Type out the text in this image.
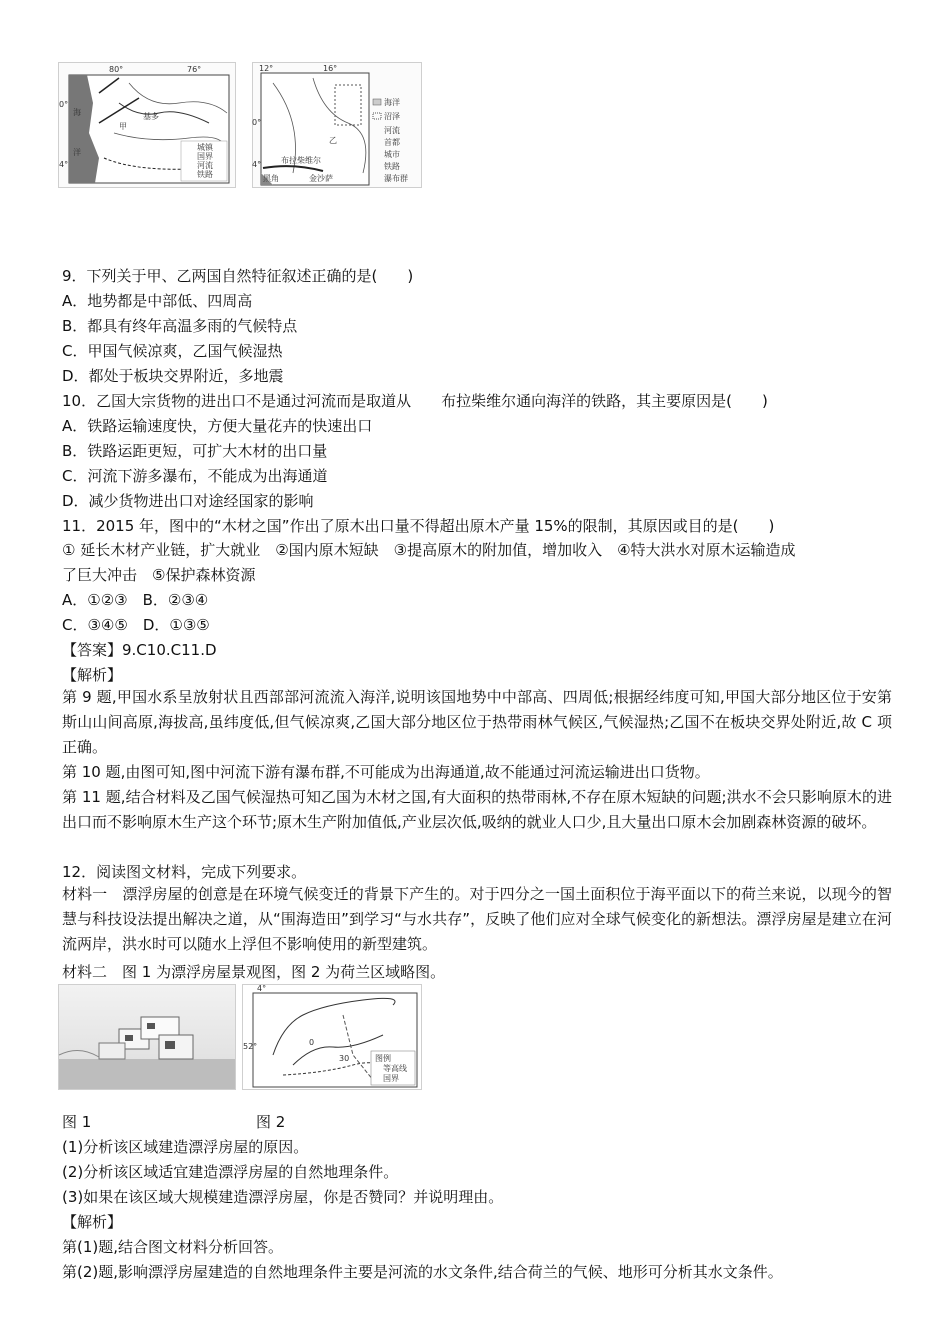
80°	76°
0°
4°
海
洋
甲
基多
城镇
国界
河流
铁路
12°	16°
0°
4°
乙
布拉柴维尔
金沙萨
黑角
海洋
沼泽
河流
首都
城市
铁路
瀑布群
9．下列关于甲、乙两国自然特征叙述正确的是(　　)
A．地势都是中部低、四周高
B．都具有终年高温多雨的气候特点
C．甲国气候凉爽，乙国气候湿热
D．都处于板块交界附近，多地震
10．乙国大宗货物的进出口不是通过河流而是取道从　　布拉柴维尔通向海洋的铁路，其主要原因是(　　)
A．铁路运输速度快，方便大量花卉的快速出口
B．铁路运距更短，可扩大木材的出口量
C．河流下游多瀑布，不能成为出海通道
D．减少货物进出口对途经国家的影响
11．2015 年，图中的“木材之国”作出了原木出口量不得超出原木产量 15%的限制，其原因或目的是(　　)
① 延长木材产业链，扩大就业　②国内原木短缺　③提高原木的附加值，增加收入　④特大洪水对原木运输造成
了巨大冲击　⑤保护森林资源
A．①②③　B．②③④
C．③④⑤　D．①③⑤
【答案】9.C10.C11.D
【解析】
第 9 题,甲国水系呈放射状且西部部河流流入海洋,说明该国地势中中部高、四周低;根据经纬度可知,甲国大部分地区位于安第斯山山间高原,海拔高,虽纬度低,但气候凉爽,乙国大部分地区位于热带雨林气候区,气候湿热;乙国不在板块交界处附近,故 C 项正确。
第 10 题,由图可知,图中河流下游有瀑布群,不可能成为出海通道,故不能通过河流运输进出口货物。
第 11 题,结合材料及乙国气候湿热可知乙国为木材之国,有大面积的热带雨林,不存在原木短缺的问题;洪水不会只影响原木的进出口而不影响原木生产这个环节;原木生产附加值低,产业层次低,吸纳的就业人口少,且大量出口原木会加剧森林资源的破坏。
12．阅读图文材料，完成下列要求。
材料一　漂浮房屋的创意是在环境气候变迁的背景下产生的。对于四分之一国土面积位于海平面以下的荷兰来说，以现今的智慧与科技设法提出解决之道，从“围海造田”到学习“与水共存”，反映了他们应对全球气候变化的新想法。漂浮房屋是建立在河流两岸，洪水时可以随水上浮但不影响使用的新型建筑。
材料二　图 1 为漂浮房屋景观图，图 2 为荷兰区域略图。
4°
52°	0
30	图例
等高线
国界
图 1	图 2
(1)分析该区域建造漂浮房屋的原因。
(2)分析该区域适宜建造漂浮房屋的自然地理条件。
(3)如果在该区域大规模建造漂浮房屋，你是否赞同？并说明理由。
【解析】
第(1)题,结合图文材料分析回答。
第(2)题,影响漂浮房屋建造的自然地理条件主要是河流的水文条件,结合荷兰的气候、地形可分析其水文条件。
